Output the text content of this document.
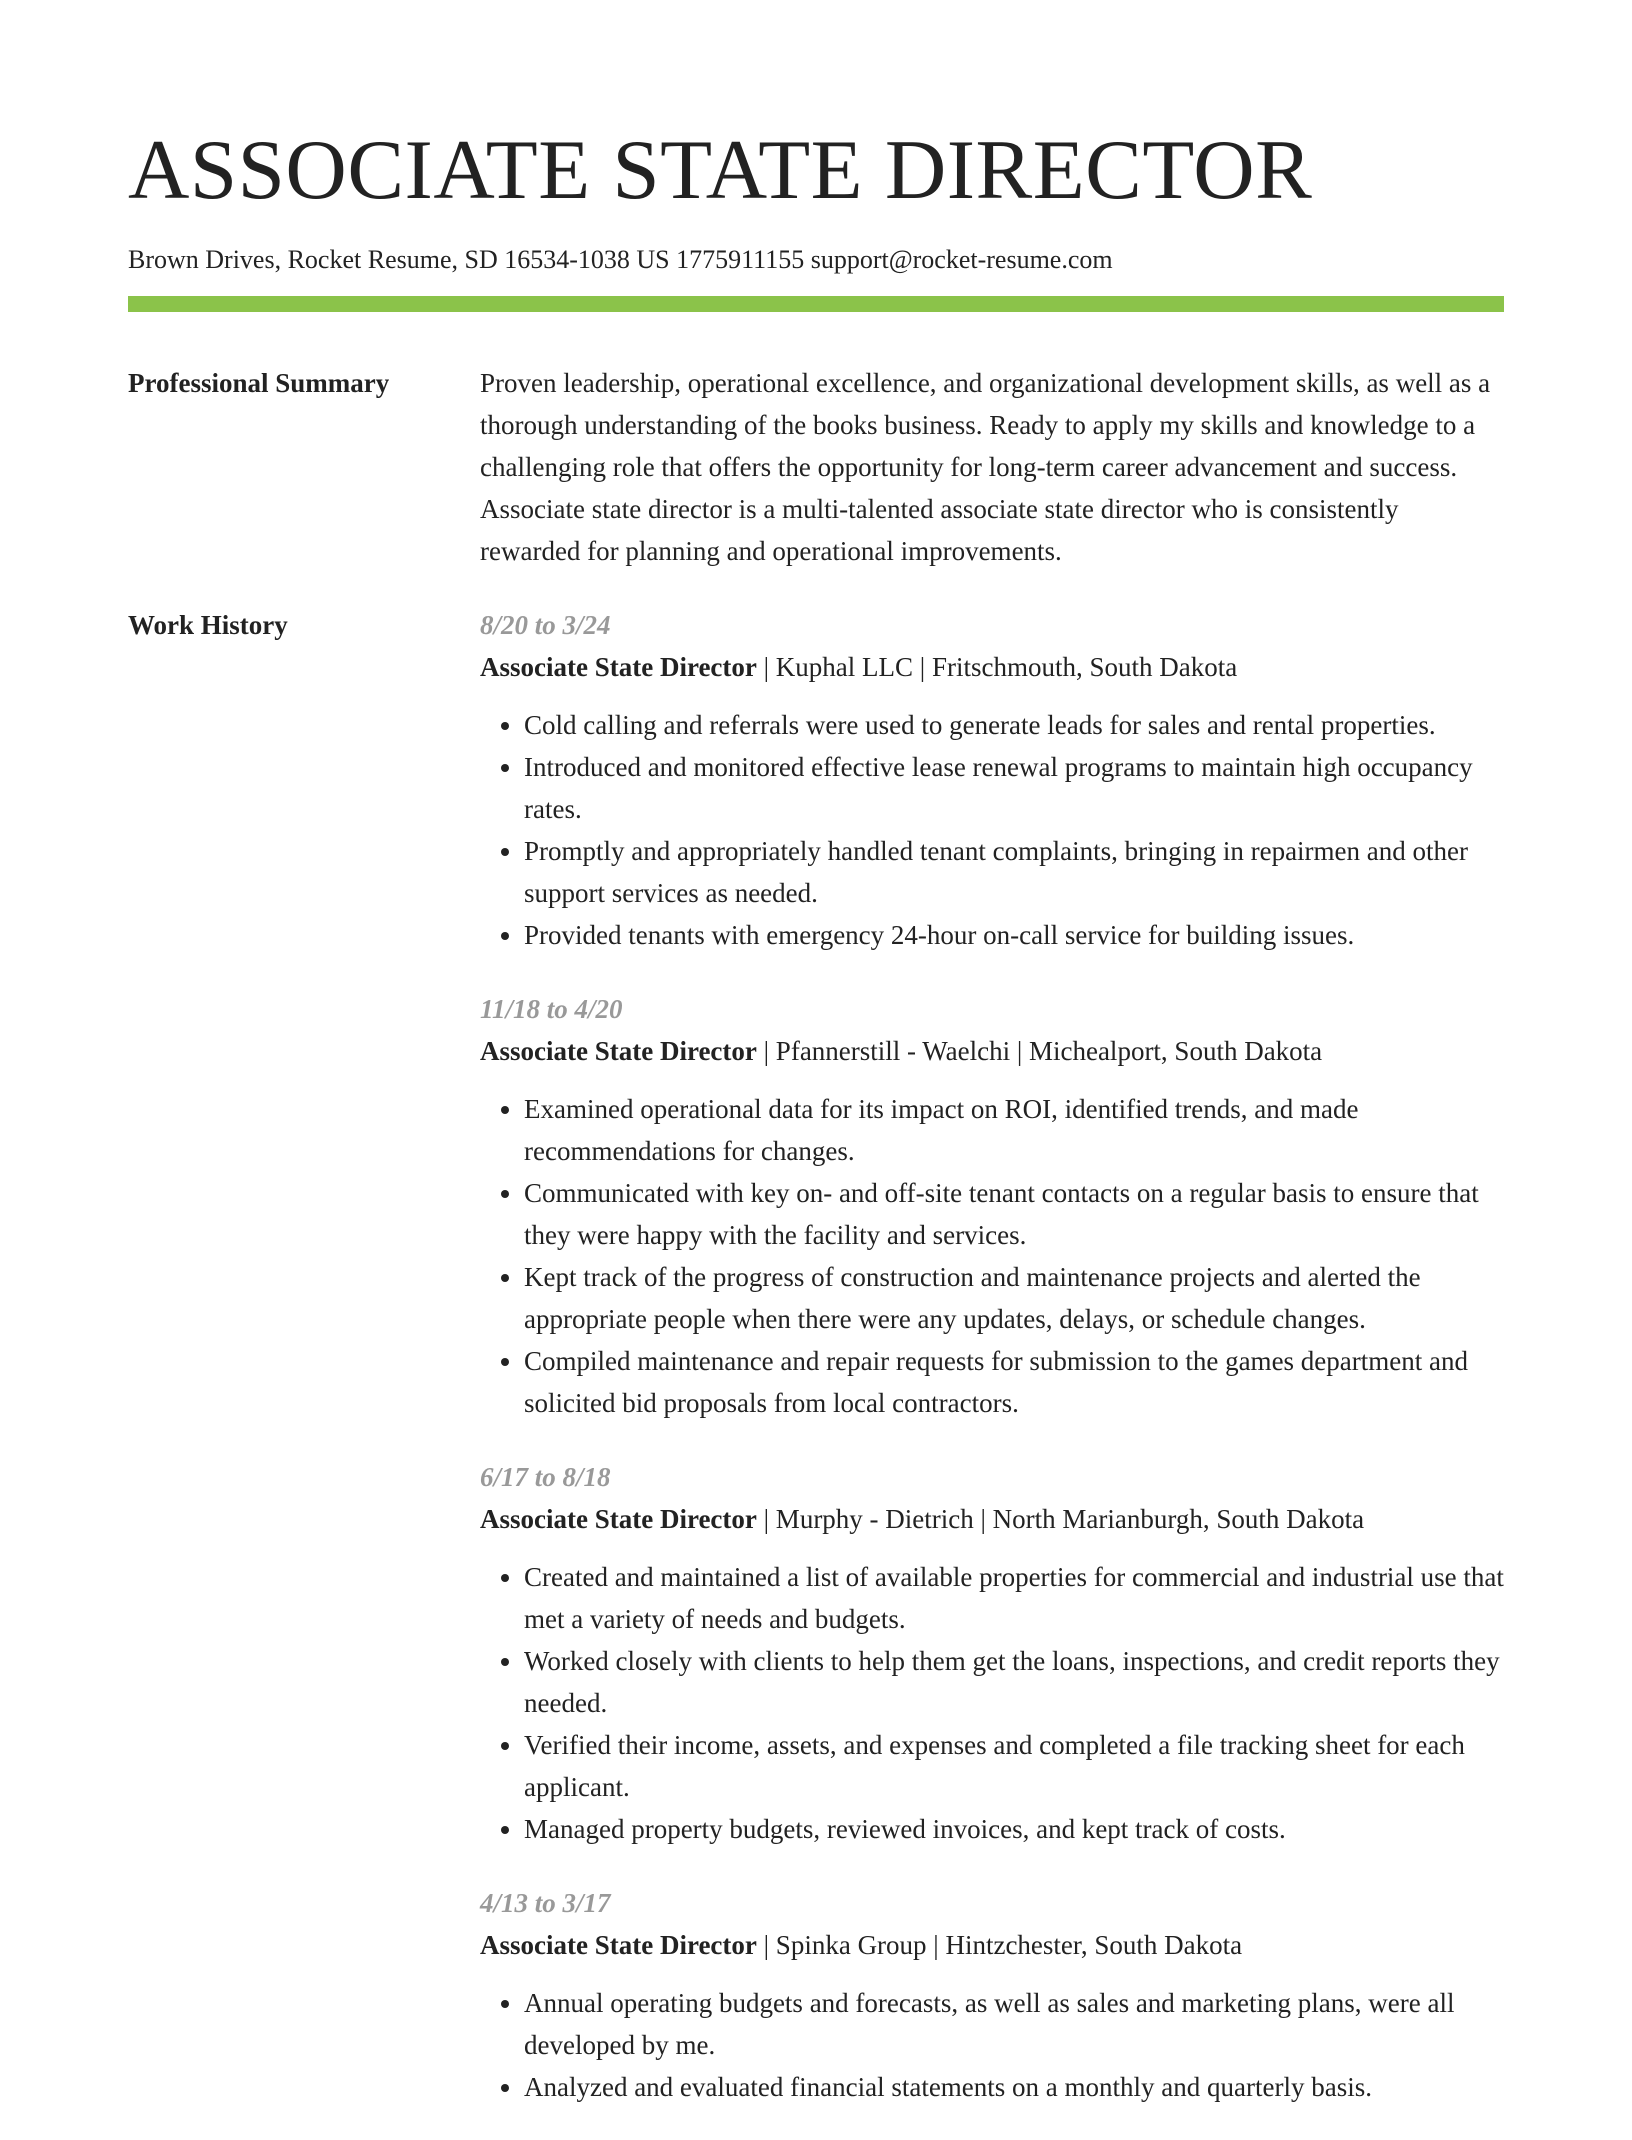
ASSOCIATE STATE DIRECTOR
Brown Drives, Rocket Resume, SD 16534-1038 US 1775911155 support@rocket-resume.com
Professional Summary	Proven leadership, operational excellence, and organizational development skills, as well as a thorough understanding of the books business. Ready to apply my skills and knowledge to a challenging role that offers the opportunity for long-term career advancement and success. Associate state director is a multi-talented associate state director who is consistently rewarded for planning and operational improvements.
Work History	8/20 to 3/24
Associate State Director | Kuphal LLC | Fritschmouth, South Dakota
• Cold calling and referrals were used to generate leads for sales and rental properties.
• Introduced and monitored effective lease renewal programs to maintain high occupancy rates.
• Promptly and appropriately handled tenant complaints, bringing in repairmen and other support services as needed.
• Provided tenants with emergency 24-hour on-call service for building issues.
11/18 to 4/20
Associate State Director | Pfannerstill - Waelchi | Michealport, South Dakota
• Examined operational data for its impact on ROI, identified trends, and made recommendations for changes.
• Communicated with key on- and off-site tenant contacts on a regular basis to ensure that they were happy with the facility and services.
• Kept track of the progress of construction and maintenance projects and alerted the appropriate people when there were any updates, delays, or schedule changes.
• Compiled maintenance and repair requests for submission to the games department and solicited bid proposals from local contractors.
6/17 to 8/18
Associate State Director | Murphy - Dietrich | North Marianburgh, South Dakota
• Created and maintained a list of available properties for commercial and industrial use that met a variety of needs and budgets.
• Worked closely with clients to help them get the loans, inspections, and credit reports they needed.
• Verified their income, assets, and expenses and completed a file tracking sheet for each applicant.
• Managed property budgets, reviewed invoices, and kept track of costs.
4/13 to 3/17
Associate State Director | Spinka Group | Hintzchester, South Dakota
• Annual operating budgets and forecasts, as well as sales and marketing plans, were all developed by me.
• Analyzed and evaluated financial statements on a monthly and quarterly basis.
